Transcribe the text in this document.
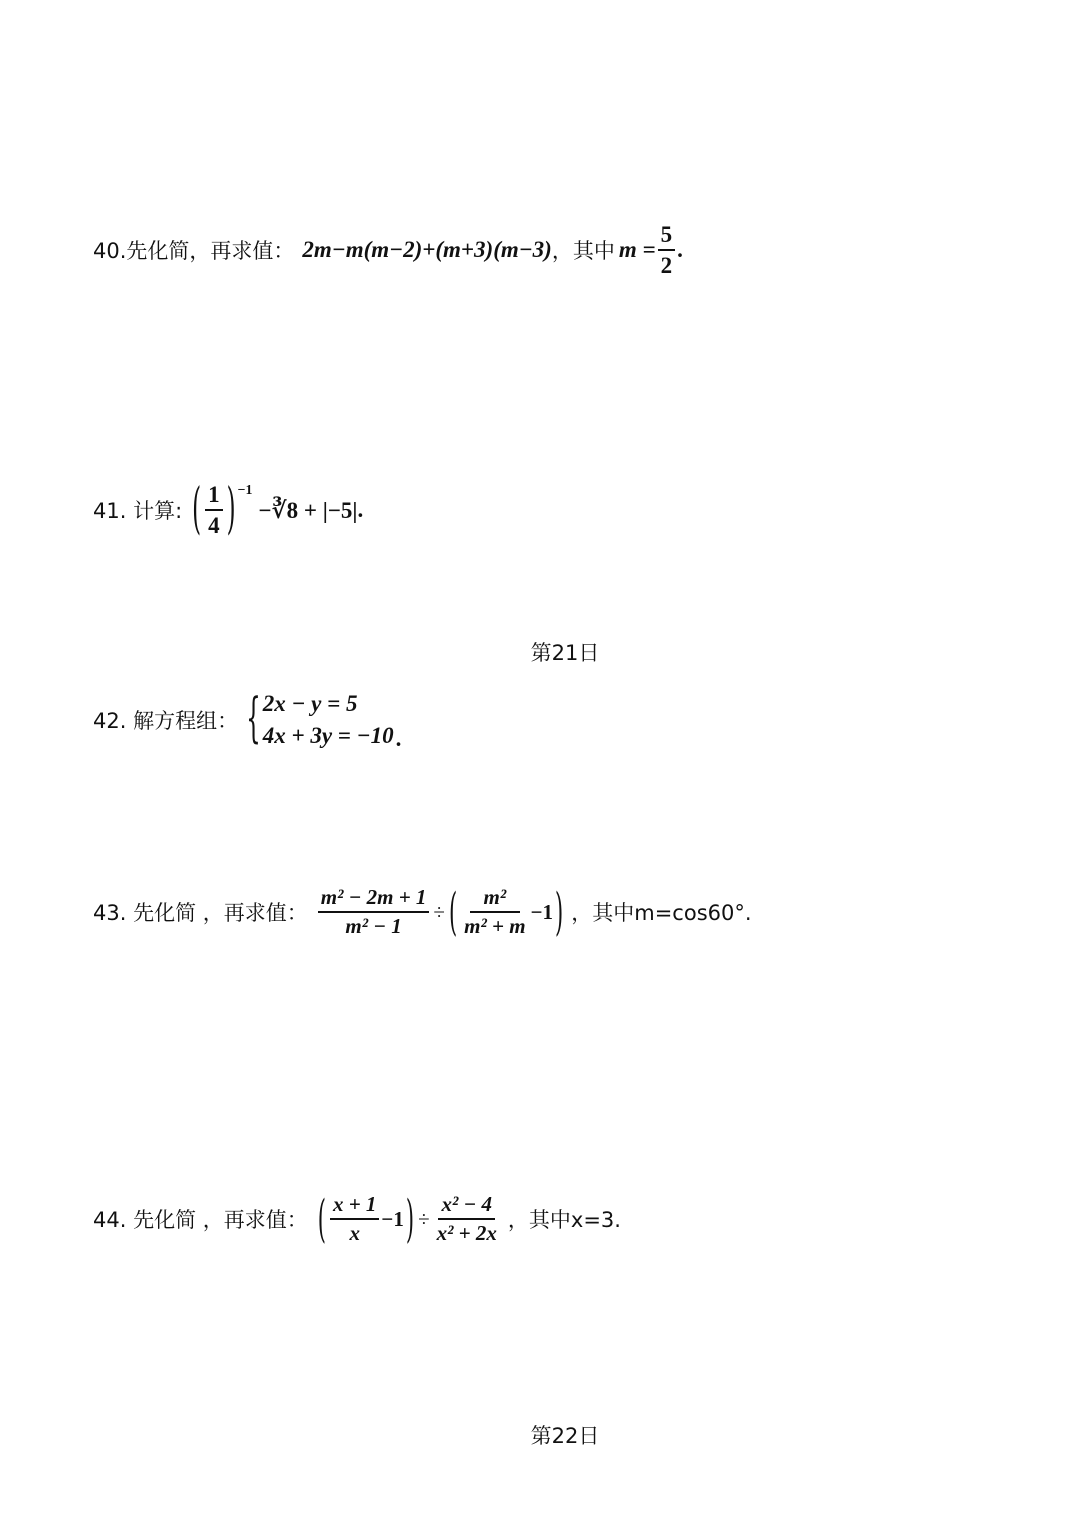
40.先化简，再求值： 2m−m(m−2)+(m+3)(m−3) ，其中 $m = \frac{5}{2}$ .
41. 计算: ( $\frac{1}{4} )^{-1}$
−∛8 + |−5| .
第21日
42. 解方程组： { 2x − y = 5
4x + 3y = −10 .
43. 先化简 ，再求值： $\frac{\text{m² − 2m + 1}}{\text{m² − 1}}$ ÷ ( $\frac{\text{m²}}{\text{m² + m}} -1$ ) ，其中m=cos60°.
44. 先化简 ，再求值： ( $\frac{x + 1}{x} -1$ ) ÷ $\frac{\text{x² − 4}}{\text{x² + 2x}}$ ，其中x=3.
第22日
